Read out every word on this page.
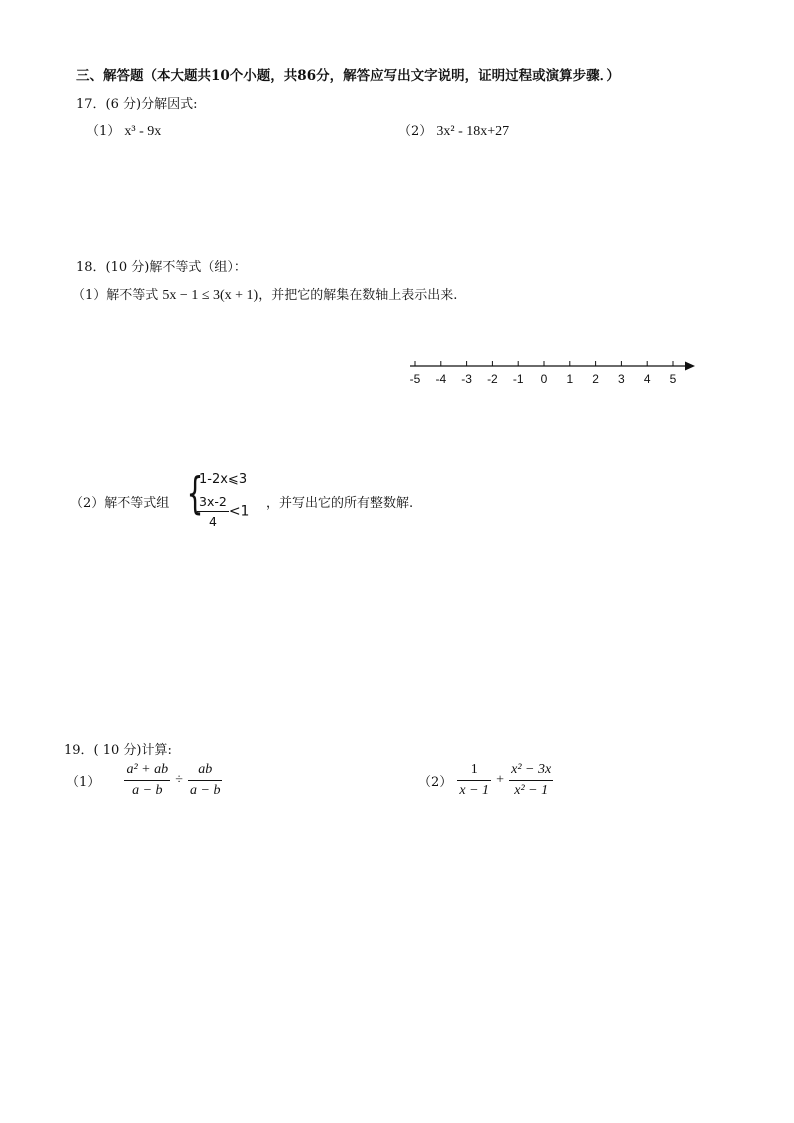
三、解答题（本大题共10个小题，共86分，解答应写出文字说明，证明过程或演算步骤．）
17．(6 分)分解因式:
（1） x³ - 9x	（2） 3x² - 18x+27
18．(10 分)解不等式（组）：
（1）解不等式 5x − 1 ≤ 3(x + 1)，并把它的解集在数轴上表示出来.
-5 -4 -3 -2 -1 0 1 2 3 4 5
（2）解不等式组 {
1-2x⩽3
$\frac{3x-2}{4} <1$ ，并写出它的所有整数解.
19．( 10 分)计算:
$(1) \frac{\text{a² + ab}}{a - b} \div \frac{ab}{a - b}$	$(2) \frac{1}{x - 1} + \frac{\text{x² − 3x}}{\text{x² − 1}}$
